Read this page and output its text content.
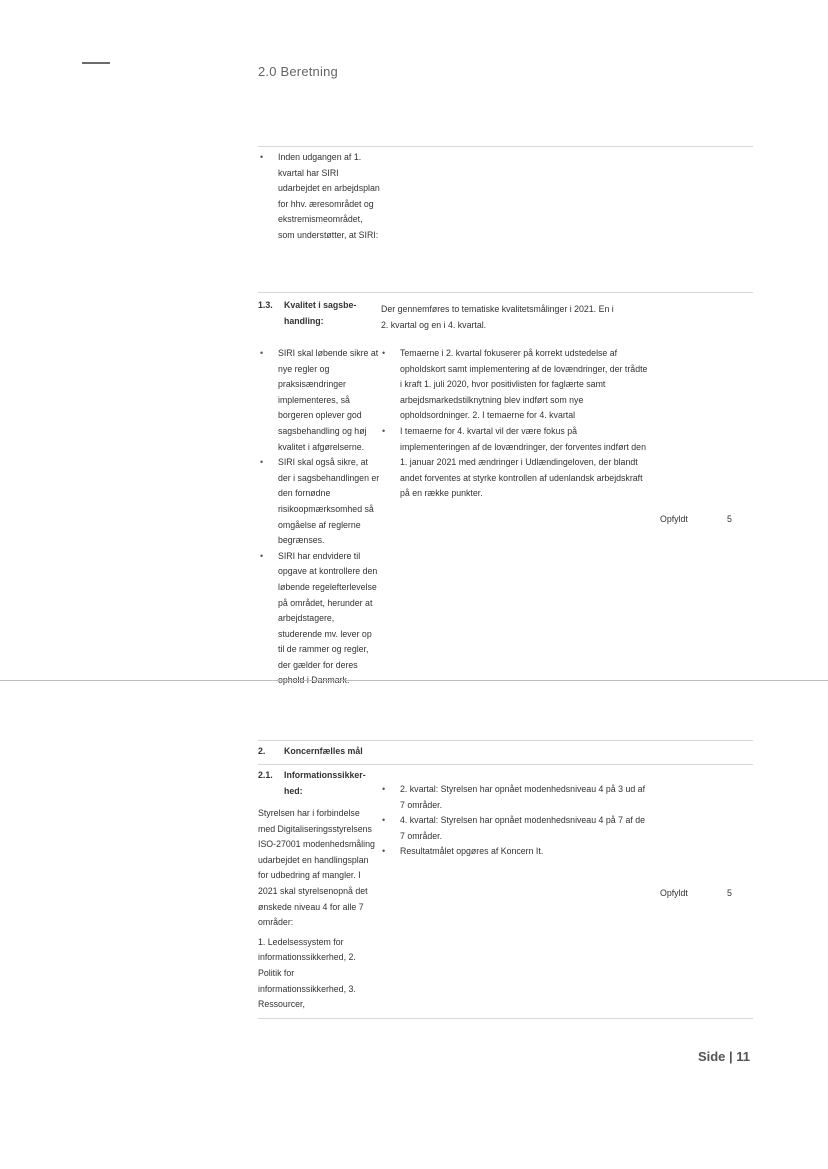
2.0 Beretning
• Inden udgangen af 1. kvartal har SIRI udarbejdet en arbejdsplan for hhv. æresområdet og ekstremismeområdet, som understøtter, at SIRI:
1.3. Kvalitet i sagsbe-
handling:
Der gennemføres to tematiske kvalitetsmålinger i 2021. En i
2. kvartal og en i 4. kvartal.
• SIRI skal løbende sikre at nye regler og praksisændringer implementeres, så borgeren oplever god sagsbehandling og høj kvalitet i afgørelserne.
• SIRI skal også sikre, at der i sagsbehandlingen er den fornødne risikoopmærksomhed så omgåelse af reglerne begrænses.
• SIRI har endvidere til opgave at kontrollere den løbende regelefterlevelse på området, herunder at arbejdstagere, studerende mv. lever op til de rammer og regler, der gælder for deres ophold i Danmark.
• Temaerne i 2. kvartal fokuserer på korrekt udstedelse af opholdskort samt implementering af de lovændringer, der trådte i kraft 1. juli 2020, hvor positivlisten for faglærte samt arbejdsmarkedstilknytning blev indført som nye opholdsordninger. 2. I temaerne for 4. kvartal
• I temaerne for 4. kvartal vil der være fokus på implementeringen af de lovændringer, der forventes indført den 1. januar 2021 med ændringer i Udlændingeloven, der blandt andet forventes at styrke kontrollen af udenlandsk arbejdskraft på en række punkter.
Opfyldt	5
2. Koncernfælles mål
2.1. Informationssikker-
hed:

Styrelsen har i forbindelse med Digitaliseringsstyrelsens ISO-27001 modenhedsmåling udarbejdet en handlingsplan for udbedring af mangler. I 2021 skal styrelsenopnå det ønskede niveau 4 for alle 7 områder:

1. Ledelsessystem for informationssikkerhed, 2. Politik for informationssikkerhed, 3. Ressourcer,

• 2. kvartal: Styrelsen har opnået modenhedsniveau 4 på 3 ud af 7 områder.
• 4. kvartal: Styrelsen har opnået modenhedsniveau 4 på 7 af de 7 områder.
• Resultatmålet opgøres af Koncern It.
Opfyldt	5
Side | 11
